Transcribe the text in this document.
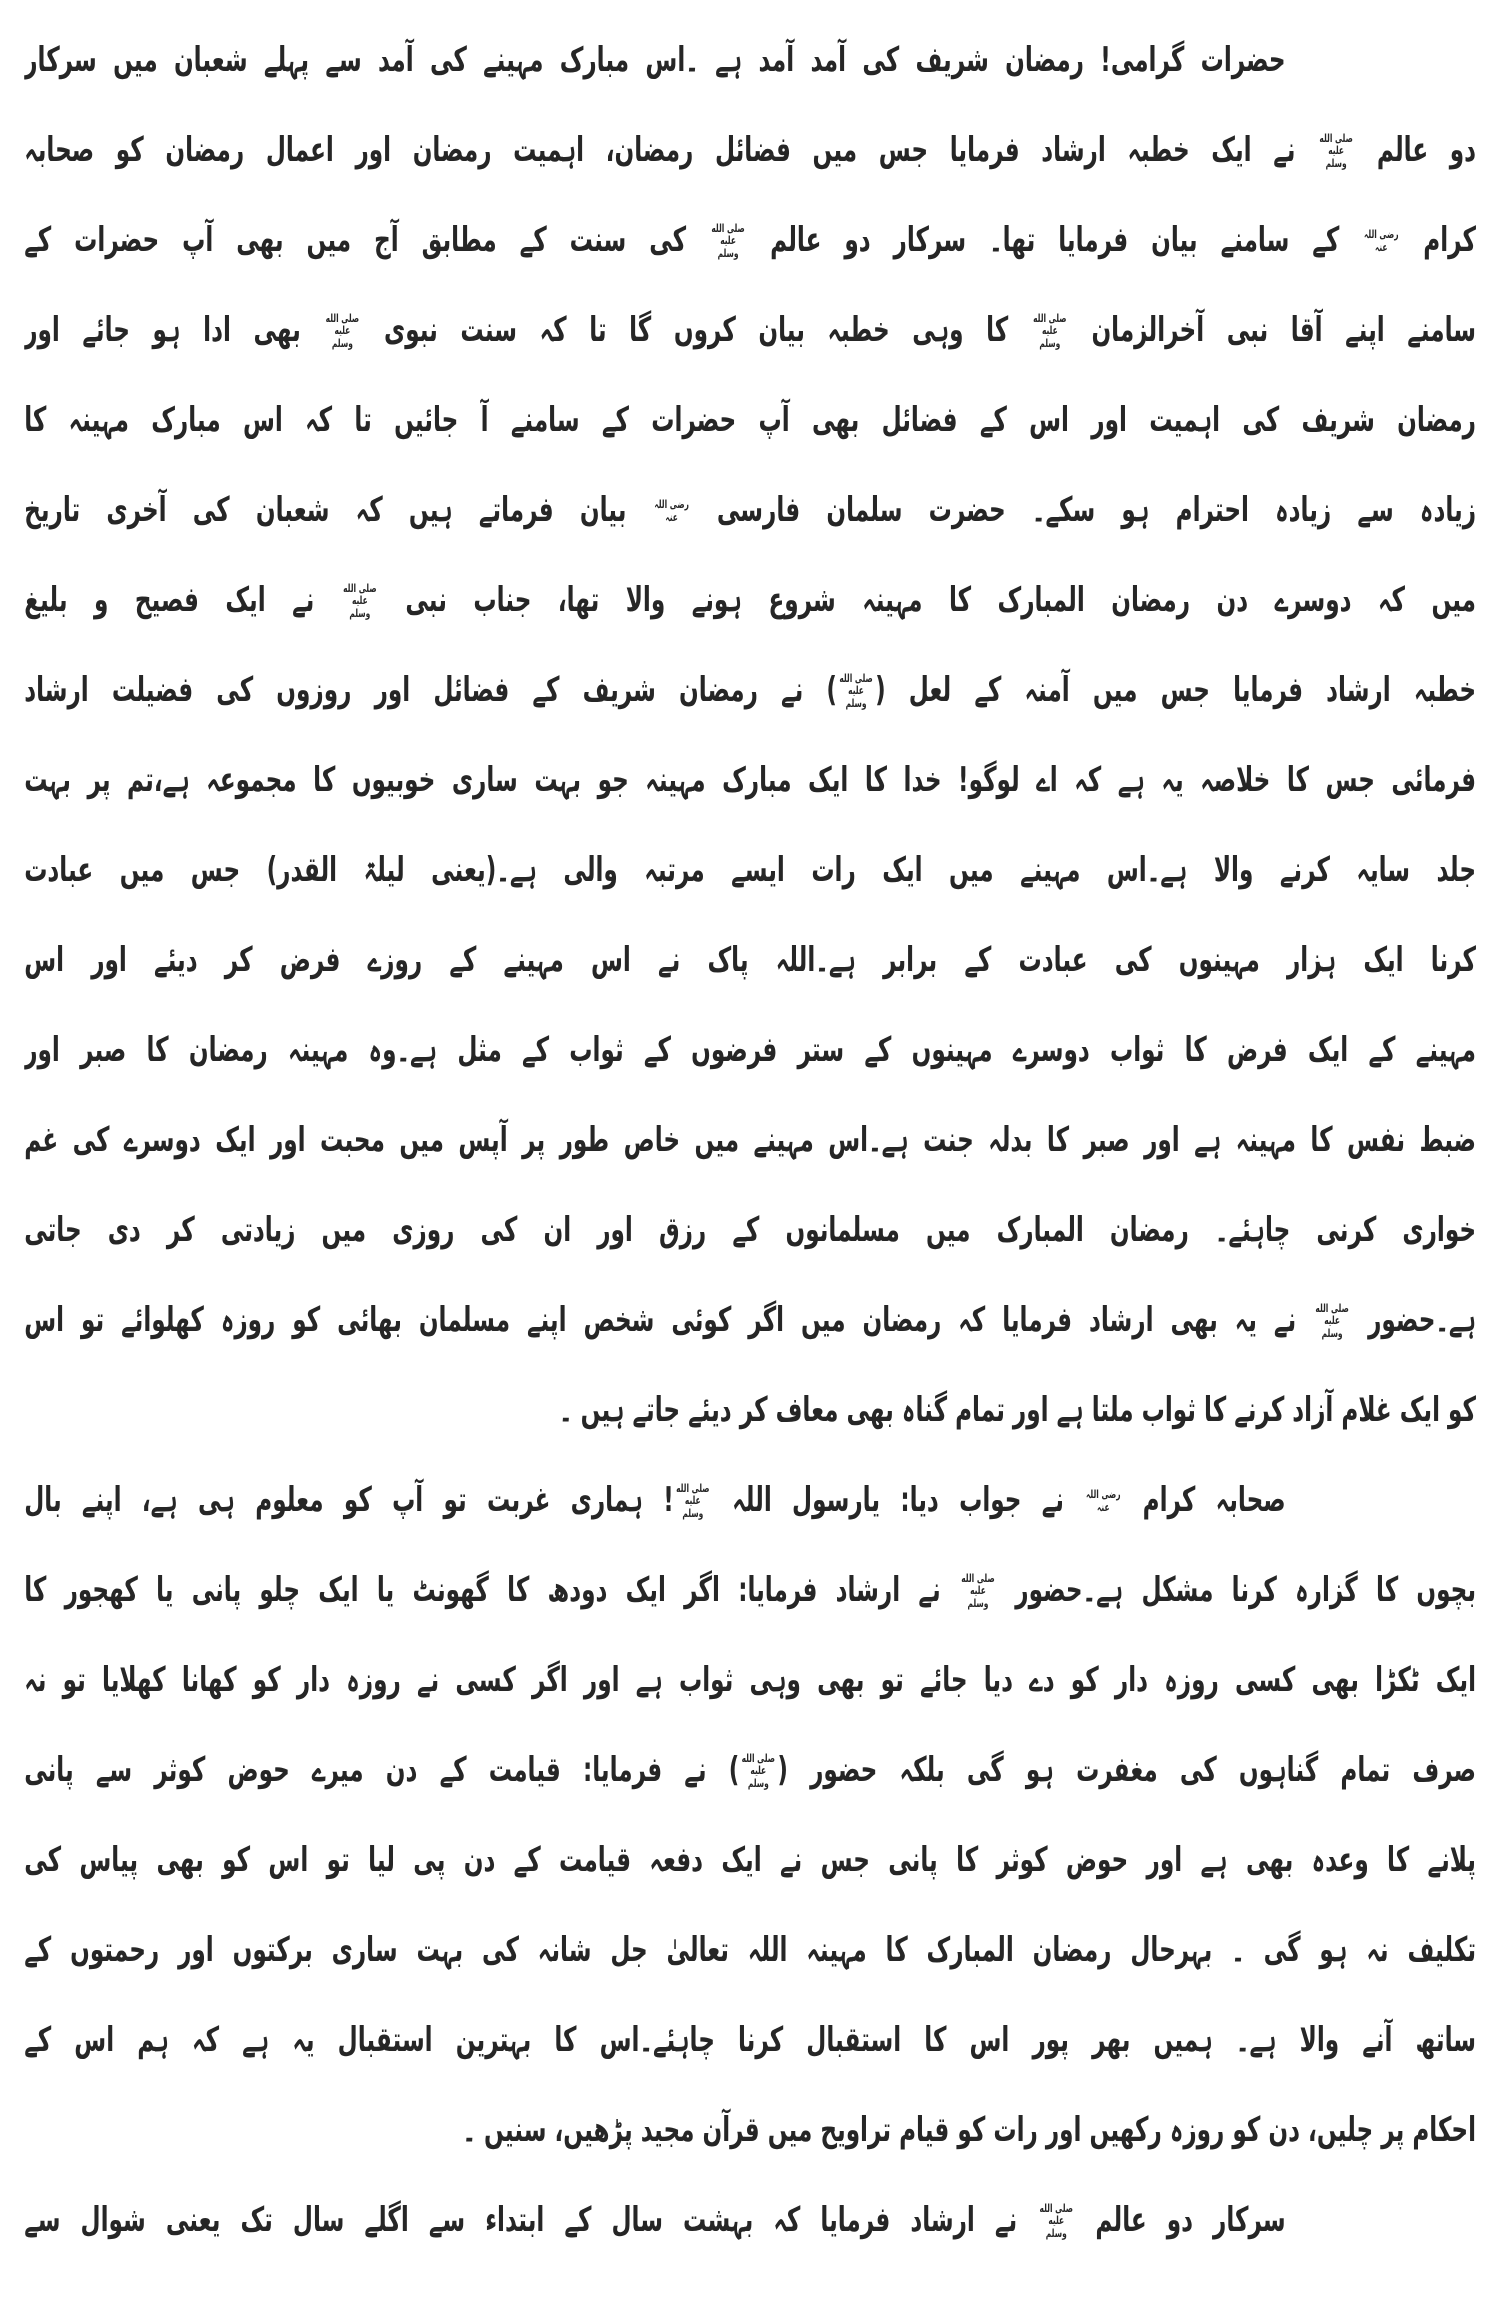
حضرات گرامی! رمضان شریف کی آمد آمد ہے ۔اس مبارک مہینے کی آمد سے پہلے شعبان میں سرکار
دو عالم صلى الله عليه وسلم نے ایک خطبہ ارشاد فرمایا جس میں فضائل رمضان، اہمیت رمضان اور اعمال رمضان کو صحابہ
کرام رضی اللہ عنہ کے سامنے بیان فرمایا تھا۔ سرکار دو عالم صلى الله عليه وسلم کی سنت کے مطابق آج میں بھی آپ حضرات کے
سامنے اپنے آقا نبی آخرالزمان صلى الله عليه وسلم کا وہی خطبہ بیان کروں گا تا کہ سنت نبوی صلى الله عليه وسلم بھی ادا ہو جائے اور
رمضان شریف کی اہمیت اور اس کے فضائل بھی آپ حضرات کے سامنے آ جائیں تا کہ اس مبارک مہینہ کا
زیادہ سے زیادہ احترام ہو سکے۔ حضرت سلمان فارسی رضی اللہ عنہ بیان فرماتے ہیں کہ شعبان کی آخری تاریخ
میں کہ دوسرے دن رمضان المبارک کا مہینہ شروع ہونے والا تھا، جناب نبی صلى الله عليه وسلم نے ایک فصیح و بلیغ
خطبہ ارشاد فرمایا جس میں آمنہ کے لعل (صلى الله عليه وسلم) نے رمضان شریف کے فضائل اور روزوں کی فضیلت ارشاد
فرمائی جس کا خلاصہ یہ ہے کہ اے لوگو! خدا کا ایک مبارک مہینہ جو بہت ساری خوبیوں کا مجموعہ ہے،تم پر بہت
جلد سایہ کرنے والا ہے۔اس مہینے میں ایک رات ایسے مرتبہ والی ہے۔(یعنی لیلۃ القدر) جس میں عبادت
کرنا ایک ہزار مہینوں کی عبادت کے برابر ہے۔اللہ پاک نے اس مہینے کے روزے فرض کر دیئے اور اس
مہینے کے ایک فرض کا ثواب دوسرے مہینوں کے ستر فرضوں کے ثواب کے مثل ہے۔وہ مہینہ رمضان کا صبر اور
ضبط نفس کا مہینہ ہے اور صبر کا بدلہ جنت ہے۔اس مہینے میں خاص طور پر آپس میں محبت اور ایک دوسرے کی غم
خواری کرنی چاہئے۔ رمضان المبارک میں مسلمانوں کے رزق اور ان کی روزی میں زیادتی کر دی جاتی
ہے۔حضور صلى الله عليه وسلم نے یہ بھی ارشاد فرمایا کہ رمضان میں اگر کوئی شخص اپنے مسلمان بھائی کو روزہ کھلوائے تو اس
کو ایک غلام آزاد کرنے کا ثواب ملتا ہے اور تمام گناہ بھی معاف کر دیئے جاتے ہیں ۔
صحابہ کرام رضی اللہ عنہ نے جواب دیا: یارسول اللہ صلى الله عليه وسلم! ہماری غربت تو آپ کو معلوم ہی ہے، اپنے بال
بچوں کا گزارہ کرنا مشکل ہے۔حضور صلى الله عليه وسلم نے ارشاد فرمایا: اگر ایک دودھ کا گھونٹ یا ایک چلو پانی یا کھجور کا
ایک ٹکڑا بھی کسی روزہ دار کو دے دیا جائے تو بھی وہی ثواب ہے اور اگر کسی نے روزہ دار کو کھانا کھلایا تو نہ
صرف تمام گناہوں کی مغفرت ہو گی بلکہ حضور (صلى الله عليه وسلم) نے فرمایا: قیامت کے دن میرے حوض کوثر سے پانی
پلانے کا وعدہ بھی ہے اور حوض کوثر کا پانی جس نے ایک دفعہ قیامت کے دن پی لیا تو اس کو بھی پیاس کی
تکلیف نہ ہو گی ۔ بہرحال رمضان المبارک کا مہینہ اللہ تعالیٰ جل شانہ کی بہت ساری برکتوں اور رحمتوں کے
ساتھ آنے والا ہے۔ ہمیں بھر پور اس کا استقبال کرنا چاہئے۔اس کا بہترین استقبال یہ ہے کہ ہم اس کے
احکام پر چلیں، دن کو روزہ رکھیں اور رات کو قیام تراویح میں قرآن مجید پڑھیں، سنیں ۔
سرکار دو عالم صلى الله عليه وسلم نے ارشاد فرمایا کہ بہشت سال کے ابتداء سے اگلے سال تک یعنی شوال سے
